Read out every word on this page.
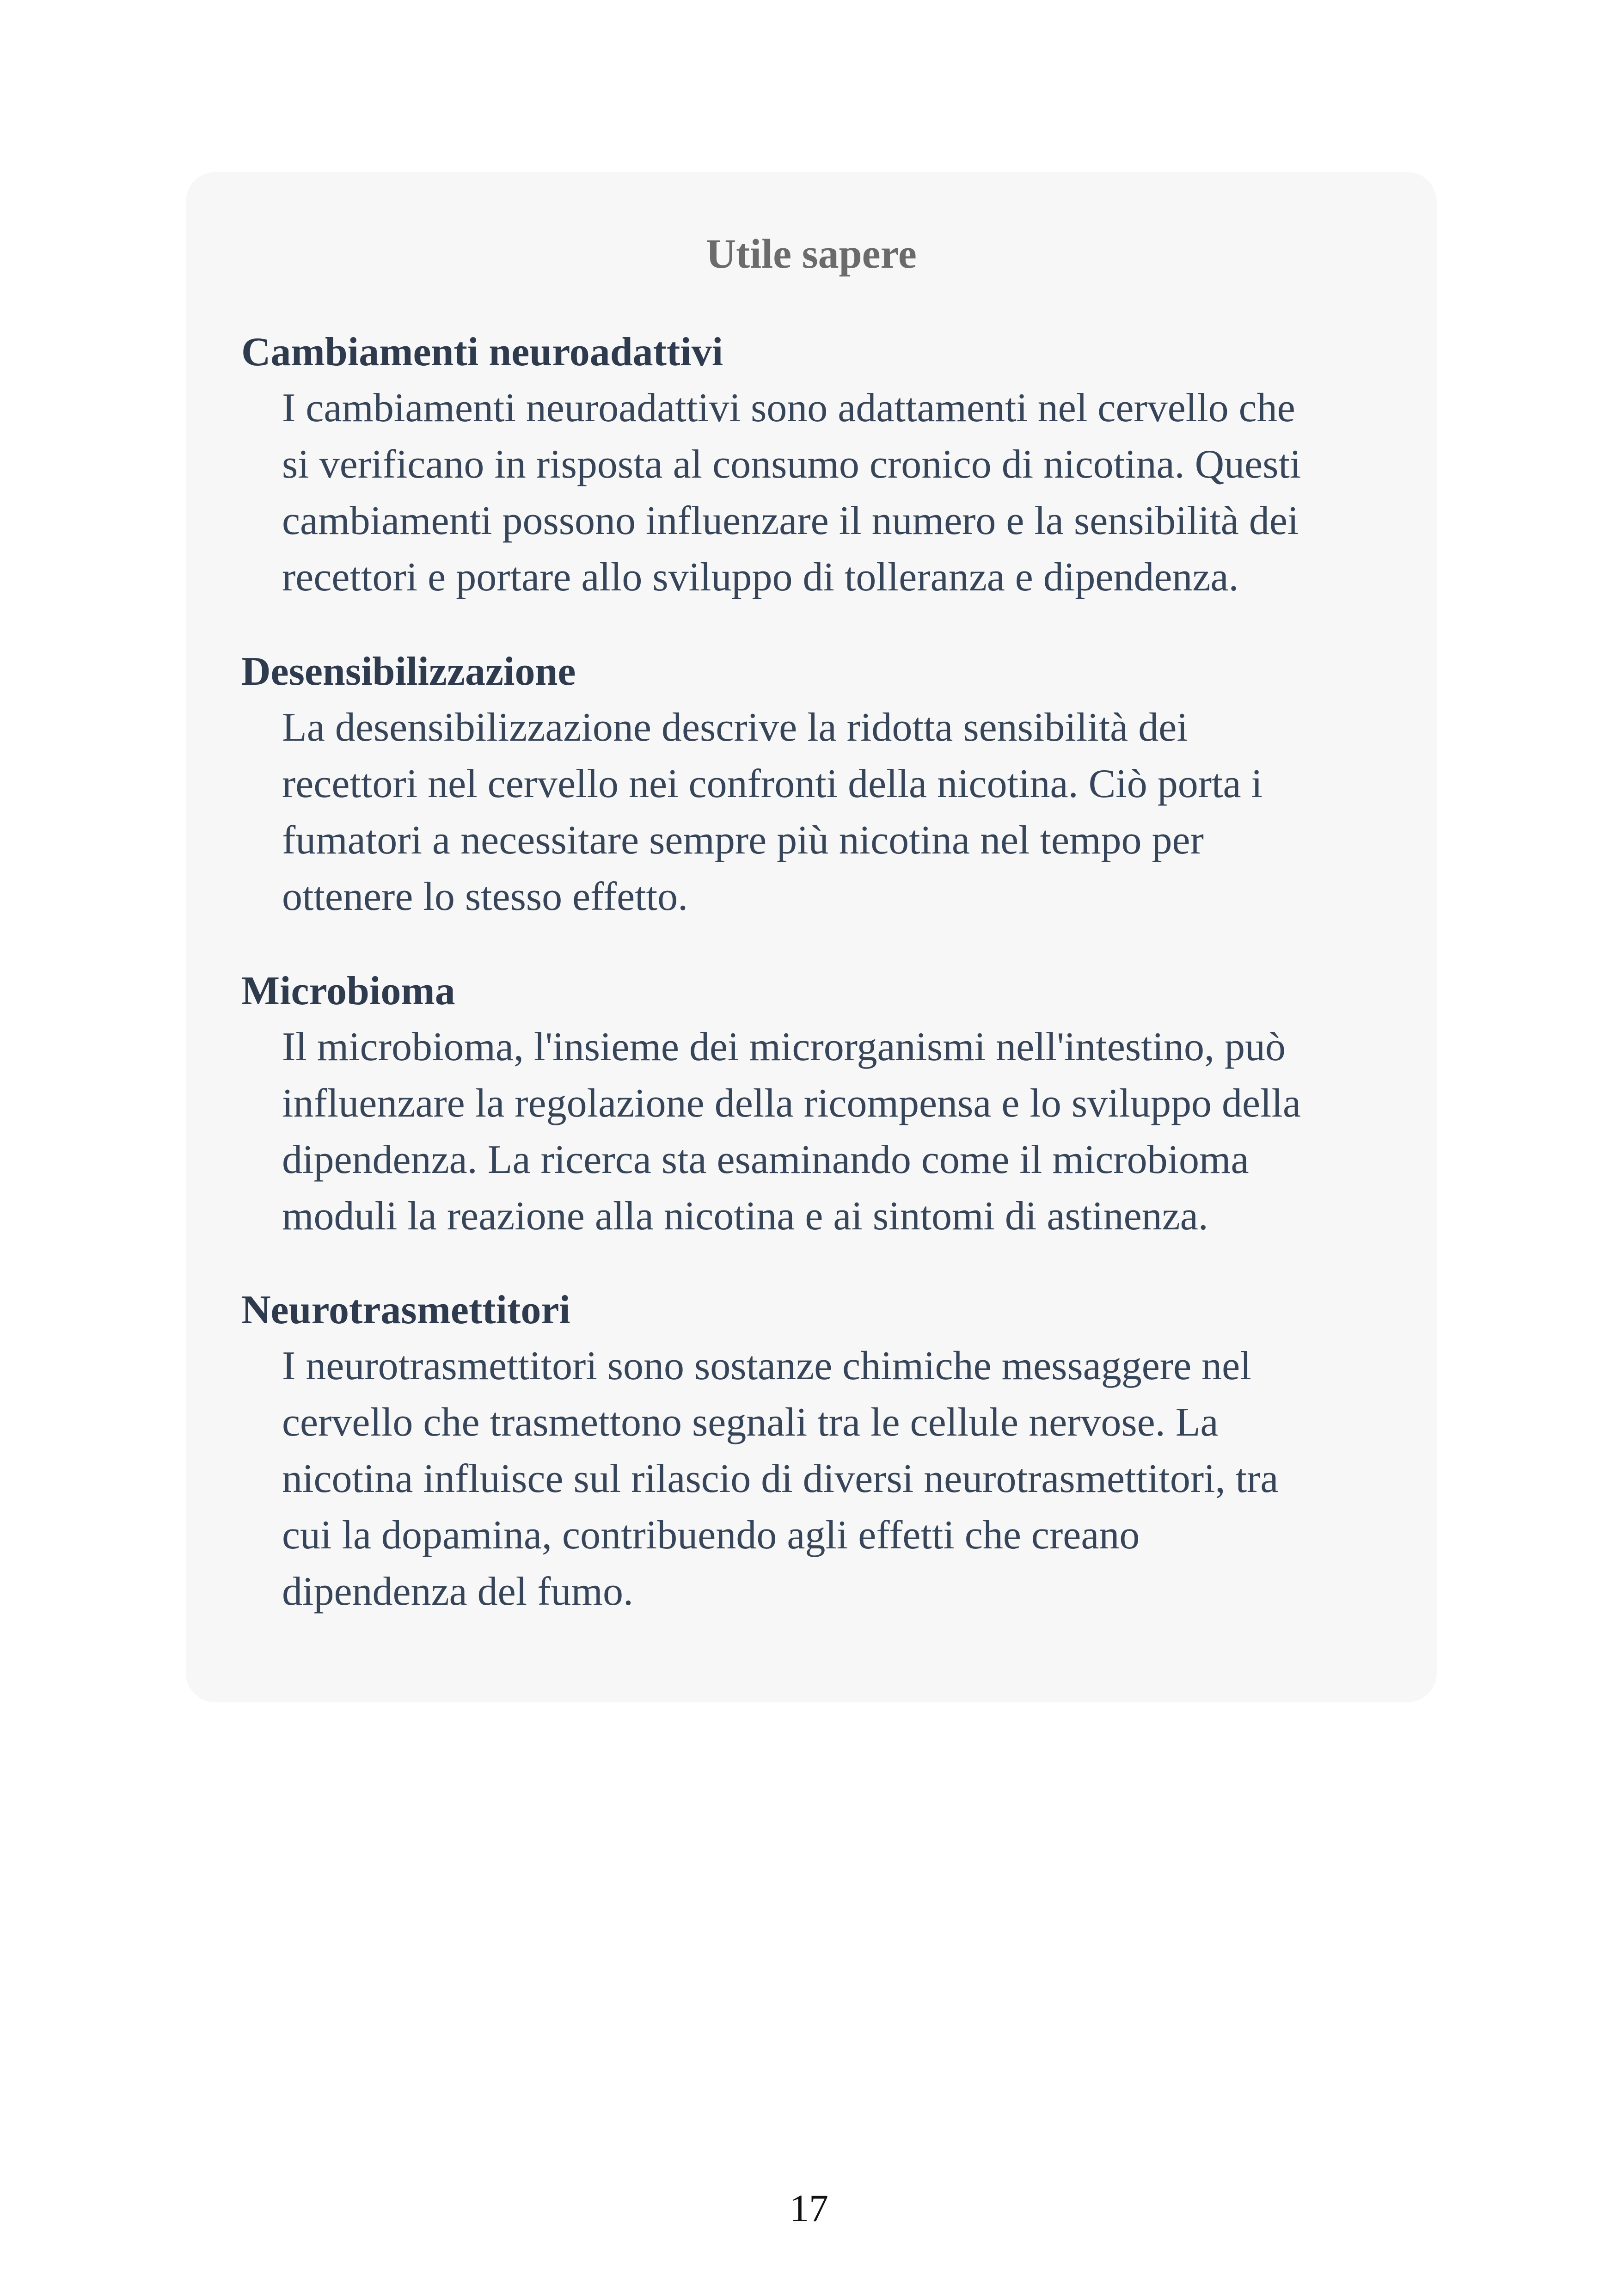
Utile sapere
Cambiamenti neuroadattivi
I cambiamenti neuroadattivi sono adattamenti nel cervello che
si verificano in risposta al consumo cronico di nicotina. Questi
cambiamenti possono influenzare il numero e la sensibilità dei
recettori e portare allo sviluppo di tolleranza e dipendenza.
Desensibilizzazione
La desensibilizzazione descrive la ridotta sensibilità dei
recettori nel cervello nei confronti della nicotina. Ciò porta i
fumatori a necessitare sempre più nicotina nel tempo per
ottenere lo stesso effetto.
Microbioma
Il microbioma, l'insieme dei microrganismi nell'intestino, può
influenzare la regolazione della ricompensa e lo sviluppo della
dipendenza. La ricerca sta esaminando come il microbioma
moduli la reazione alla nicotina e ai sintomi di astinenza.
Neurotrasmettitori
I neurotrasmettitori sono sostanze chimiche messaggere nel
cervello che trasmettono segnali tra le cellule nervose. La
nicotina influisce sul rilascio di diversi neurotrasmettitori, tra
cui la dopamina, contribuendo agli effetti che creano
dipendenza del fumo.
17
